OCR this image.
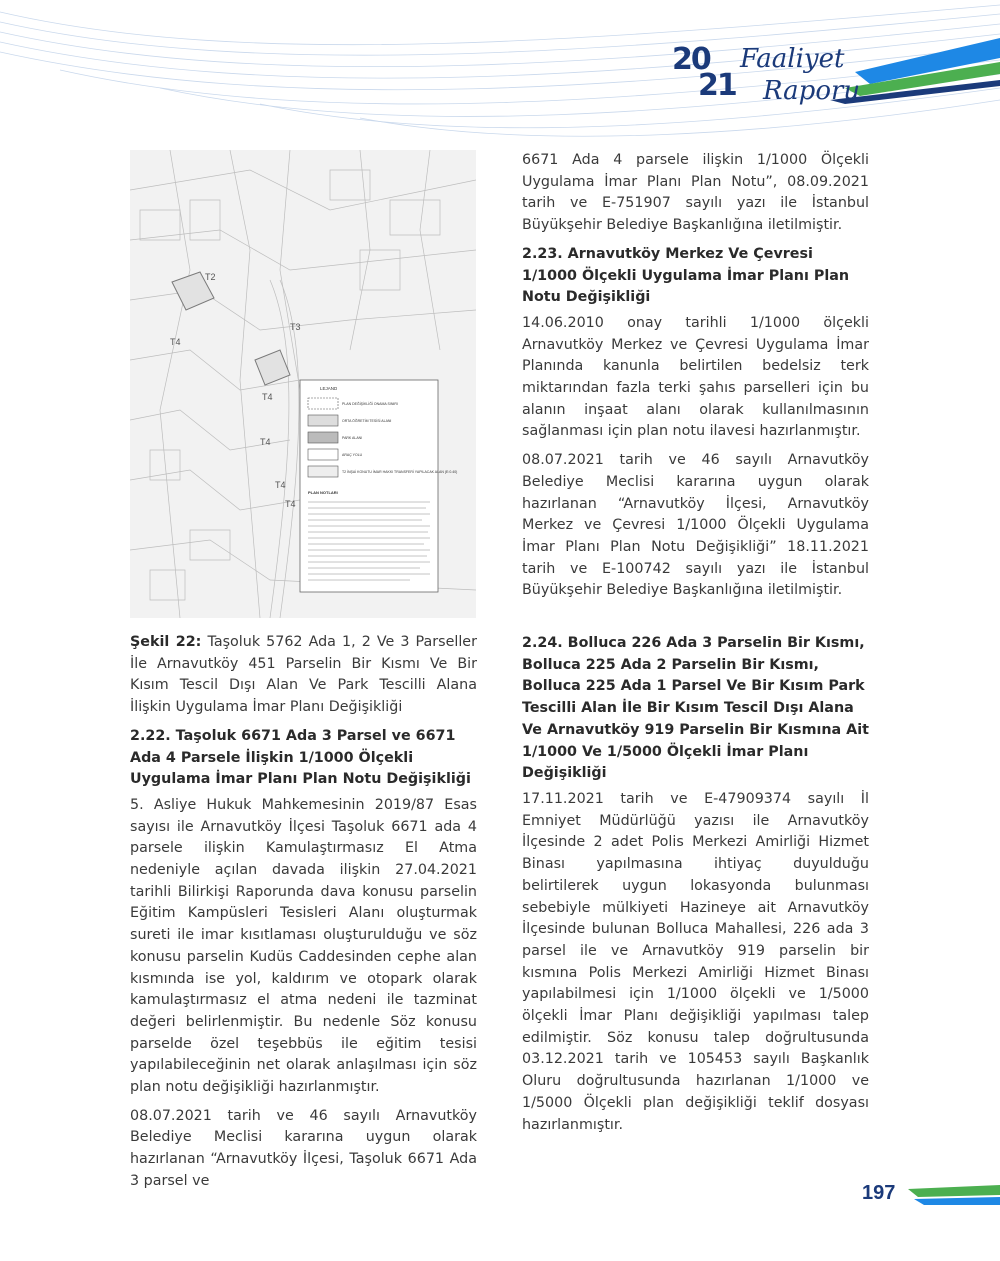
20
21
Faaliyet
Raporu
T2
T4
T4
T4
T4
T3
T4
LEJAND
PLAN DEĞİŞİKLİĞİ ONAMA SINIRI
ORTA ÖĞRETİM TESİSİ ALANI
PARK ALANI
ARAÇ YOLU
T2 İNŞAİ KONUTU İMAR HAKKI TRANSFERİ YAPILACAK ALAN (E:0.40)
PLAN NOTLARI

Şekil 22: Taşoluk 5762 Ada 1, 2 Ve 3 Parseller İle Arnavutköy 451 Parselin Bir Kısmı Ve Bir Kısım Tescil Dışı Alan Ve Park Tescilli Alana İlişkin Uygulama İmar Planı Değişikliği

2.22. Taşoluk 6671 Ada 3 Parsel ve 6671 Ada 4 Parsele İlişkin 1/1000 Ölçekli Uygulama İmar Planı Plan Notu Değişikliği

5. Asliye Hukuk Mahkemesinin 2019/87 Esas sayısı ile Arnavutköy İlçesi Taşoluk 6671 ada 4 parsele ilişkin Kamulaştırmasız El Atma nedeniyle açılan davada ilişkin 27.04.2021 tarihli Bilirkişi Raporunda dava konusu parselin Eğitim Kampüsleri Tesisleri Alanı oluşturmak sureti ile imar kısıtlaması oluşturulduğu ve söz konusu parselin Kudüs Caddesinden cephe alan kısmında ise yol, kaldırım ve otopark olarak kamulaştırmasız el atma nedeni ile tazminat değeri belirlenmiştir. Bu nedenle Söz konusu parselde özel teşebbüs ile eğitim tesisi yapılabileceğinin net olarak anlaşılması için söz plan notu değişikliği hazırlanmıştır.

08.07.2021 tarih ve 46 sayılı Arnavutköy Belediye Meclisi kararına uygun olarak hazırlanan “Arnavutköy İlçesi, Taşoluk 6671 Ada 3 parsel ve

6671 Ada 4 parsele ilişkin 1/1000 Ölçekli Uygulama İmar Planı Plan Notu”, 08.09.2021 tarih ve E-751907 sayılı yazı ile İstanbul Büyükşehir Belediye Başkanlığına iletilmiştir.

2.23. Arnavutköy Merkez Ve Çevresi 1/1000 Ölçekli Uygulama İmar Planı Plan Notu Değişikliği

14.06.2010 onay tarihli 1/1000 ölçekli Arnavutköy Merkez ve Çevresi Uygulama İmar Planında kanunla belirtilen bedelsiz terk miktarından fazla terki şahıs parselleri için bu alanın inşaat alanı olarak kullanılmasının sağlanması için plan notu ilavesi hazırlanmıştır.

08.07.2021 tarih ve 46 sayılı Arnavutköy Belediye Meclisi kararına uygun olarak hazırlanan “Arnavutköy İlçesi, Arnavutköy Merkez ve Çevresi 1/1000 Ölçekli Uygulama İmar Planı Plan Notu Değişikliği” 18.11.2021 tarih ve E-100742 sayılı yazı ile İstanbul Büyükşehir Belediye Başkanlığına iletilmiştir.

2.24. Bolluca 226 Ada 3 Parselin Bir Kısmı, Bolluca 225 Ada 2 Parselin Bir Kısmı, Bolluca 225 Ada 1 Parsel Ve Bir Kısım Park Tescilli Alan İle Bir Kısım Tescil Dışı Alana Ve Arnavutköy 919 Parselin Bir Kısmına Ait 1/1000 Ve 1/5000 Ölçekli İmar Planı Değişikliği

17.11.2021 tarih ve E-47909374 sayılı İl Emniyet Müdürlüğü yazısı ile Arnavutköy İlçesinde 2 adet Polis Merkezi Amirliği Hizmet Binası yapılmasına ihtiyaç duyulduğu belirtilerek uygun lokasyonda bulunması sebebiyle mülkiyeti Hazineye ait Arnavutköy İlçesinde bulunan Bolluca Mahallesi, 226 ada 3 parsel ile ve Arnavutköy 919 parselin bir kısmına Polis Merkezi Amirliği Hizmet Binası yapılabilmesi için 1/1000 ölçekli ve 1/5000 ölçekli İmar Planı değişikliği yapılması talep edilmiştir. Söz konusu talep doğrultusunda 03.12.2021 tarih ve 105453 sayılı Başkanlık Oluru doğrultusunda hazırlanan 1/1000 ve 1/5000 Ölçekli plan değişikliği teklif dosyası hazırlanmıştır.

197
